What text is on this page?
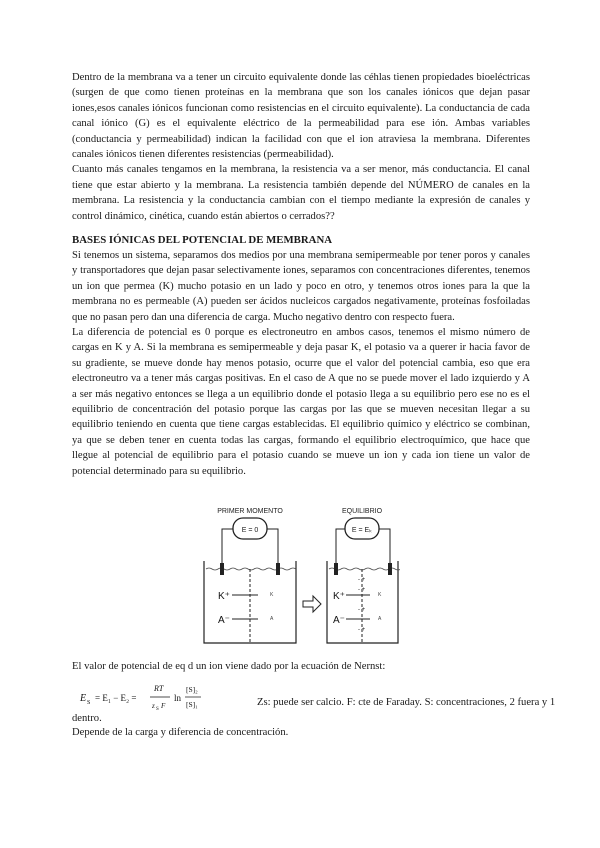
Dentro de la membrana va a tener un circuito equivalente donde las céhlas tienen propiedades bioeléctricas (surgen de que como tienen proteínas en la membrana que son los canales iónicos que dejan pasar iones,esos canales iónicos funcionan como resistencias en el circuito equivalente). La conductancia de cada canal iónico (G) es el equivalente eléctrico de la permeabilidad para ese ión. Ambas variables (conductancia y permeabilidad) indican la facilidad con que el ion atraviesa la membrana. Diferentes canales iónicos tienen diferentes resistencias (permeabilidad).

Cuanto más canales tengamos en la membrana, la resistencia va a ser menor, más conductancia. El canal tiene que estar abierto y la membrana. La resistencia también depende del NÚMERO de canales en la membrana. La resistencia y la conductancia cambian con el tiempo mediante la expresión de canales y control dinámico, cinética, cuando están abiertos o cerrados??

BASES IÓNICAS DEL POTENCIAL DE MEMBRANA

Si tenemos un sistema, separamos dos medios por una membrana semipermeable por tener poros y canales y transportadores que dejan pasar selectivamente iones, separamos con concentraciones diferentes, tenemos un ion que permea (K) mucho potasio en un lado y poco en otro, y tenemos otros iones para la que la membrana no es permeable (A) pueden ser ácidos nucleicos cargados negativamente, proteínas fosfoiladas que no pasan pero dan una diferencia de carga. Mucho negativo dentro con respecto fuera.

La diferencia de potencial es 0 porque es electroneutro en ambos casos, tenemos el mismo número de cargas en K y A. Si la membrana es semipermeable y deja pasar K, el potasio va a querer ir hacia favor de su gradiente, se mueve donde hay menos potasio, ocurre que el valor del potencial cambia, eso que era electroneutro va a tener más cargas positivas. En el caso de A que no se puede mover el lado izquierdo y A a ser más negativo entonces se llega a un equilibrio donde el potasio llega a su equilibrio pero ese no es el equilibrio de concentración del potasio porque las cargas por las que se mueven necesitan llegar a su equilibrio teniendo en cuenta que tiene cargas establecidas. El equilibrio químico y eléctrico se combinan, ya que se deben tener en cuenta todas las cargas, formando el equilibrio electroquímico, que hace que llegue al potencial de equilibrio para el potasio cuando se mueve un ion y cada ion tiene un valor de potencial determinado para su equilibrio.

PRIMER MOMENTO
E = 0
K⁺	K
A⁻	A
EQUILIBRIO
E = Eₖ
- +
- +
- +
- +
K⁺	K
A⁻	A

El valor de potencial de eq d un ion viene dado por la ecuación de Nernst:

E S = E₁ − E₂ =
RT
z S F
ln
[S]₂
[S]₁	Zs: puede ser calcio. F: cte de Faraday. S: concentraciones, 2 fuera y 1

dentro.

Depende de la carga y diferencia de concentración.
